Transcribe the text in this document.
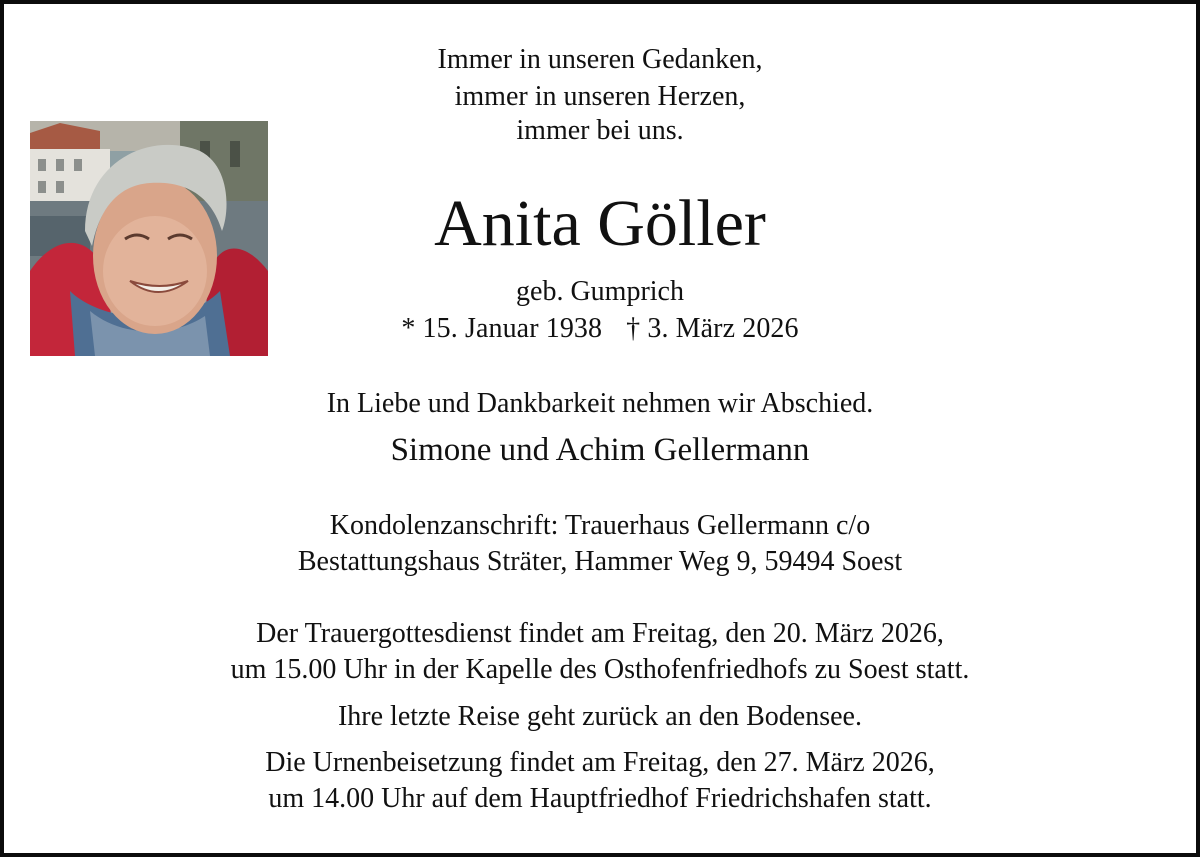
Immer in unseren Gedanken,
immer in unseren Herzen,
immer bei uns.
Anita Göller
geb. Gumprich
* 15. Januar 1938 † 3. März 2026
In Liebe und Dankbarkeit nehmen wir Abschied.
Simone und Achim Gellermann
Kondolenzanschrift: Trauerhaus Gellermann c/o
Bestattungshaus Sträter, Hammer Weg 9, 59494 Soest
Der Trauergottesdienst findet am Freitag, den 20. März 2026,
um 15.00 Uhr in der Kapelle des Osthofenfriedhofs zu Soest statt.
Ihre letzte Reise geht zurück an den Bodensee.
Die Urnenbeisetzung findet am Freitag, den 27. März 2026,
um 14.00 Uhr auf dem Hauptfriedhof Friedrichshafen statt.
